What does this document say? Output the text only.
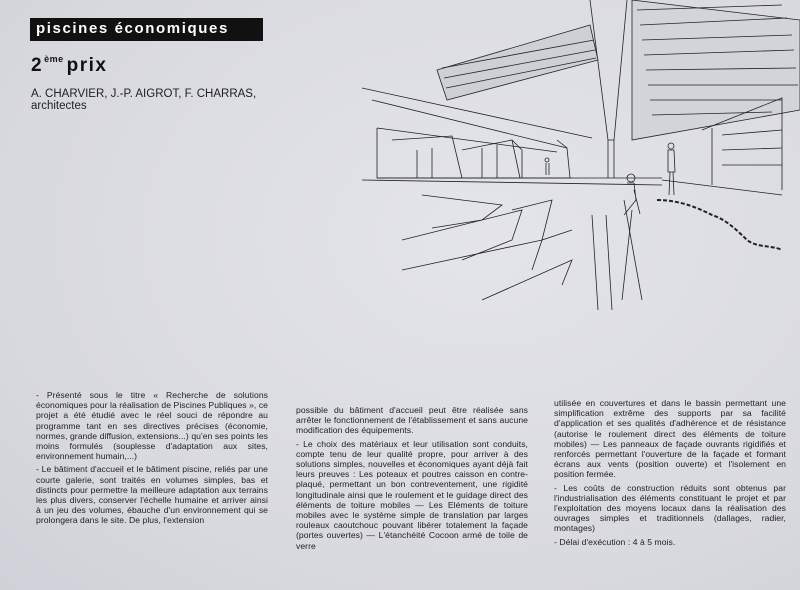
piscines économiques
2ème prix
A. CHARVIER, J.-P. AIGROT, F. CHARRAS,
architectes

- Présenté sous le titre « Recherche de solutions économiques pour la réalisation de Piscines Publiques », ce projet a été étudié avec le réel souci de répondre au programme tant en ses directives précises (économie, normes, grande diffusion, extensions...) qu'en ses points les moins formulés (souplesse d'adaptation aux sites, environnement humain,...)

- Le bâtiment d'accueil et le bâtiment piscine, reliés par une courte galerie, sont traités en volumes simples, bas et distincts pour permettre la meilleure adaptation aux terrains les plus divers, conserver l'échelle humaine et arriver ainsi à un jeu des volumes, ébauche d'un environnement qui se prolongera dans le site. De plus, l'extension

possible du bâtiment d'accueil peut être réalisée sans arrêter le fonctionnement de l'établissement et sans aucune modification des équipements.

- Le choix des matériaux et leur utilisation sont conduits, compte tenu de leur qualité propre, pour arriver à des solutions simples, nouvelles et économiques ayant déjà fait leurs preuves : Les poteaux et poutres caisson en contre-plaqué, permettant un bon contreventement, une rigidité longitudinale ainsi que le roulement et le guidage direct des éléments de toiture mobiles — Les Eléments de toiture mobiles avec le système simple de translation par larges rouleaux caoutchouc pouvant libérer totalement la façade (portes ouvertes) — L'étanchéité Cocoon armé de toile de verre

utilisée en couvertures et dans le bassin permettant une simplification extrême des supports par sa facilité d'application et ses qualités d'adhérence et de résistance (autorise le roulement direct des éléments de toiture mobiles) — Les panneaux de façade ouvrants rigidifiés et renforcés permettant l'ouverture de la façade et formant écrans aux vents (position ouverte) et l'isolement en position fermée.

- Les coûts de construction réduits sont obtenus par l'industrialisation des éléments constituant le projet et par l'exploitation des moyens locaux dans la réalisation des ouvrages simples et traditionnels (dallages, radier, montages)

- Délai d'exécution : 4 à 5 mois.
